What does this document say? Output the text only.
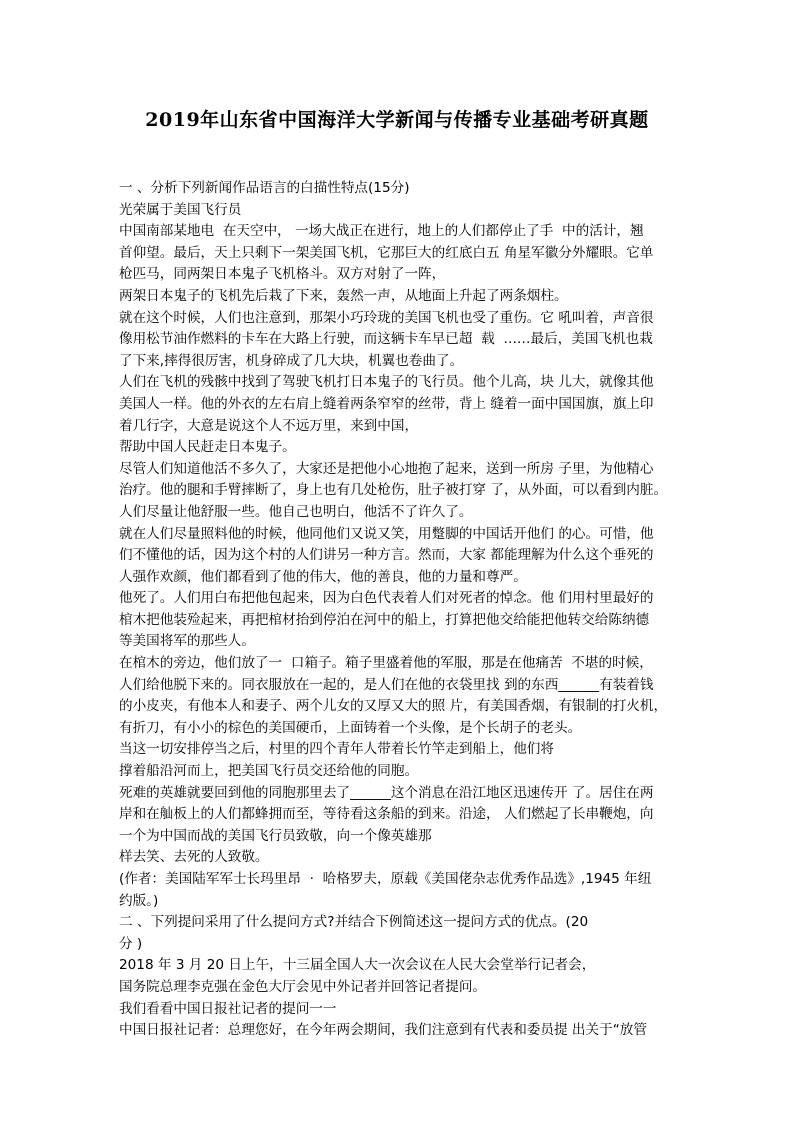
2019年山东省中国海洋大学新闻与传播专业基础考研真题
一 、分析下列新闻作品语言的白描性特点(15分)
光荣属于美国飞行员
中国南部某地电  在天空中， 一场大战正在进行，地上的人们都停止了手  中的活计，翘
首仰望。最后，天上只剩下一架美国飞机，它那巨大的红底白五 角星军徽分外耀眼。它单
枪匹马，同两架日本鬼子飞机格斗。双方对射了一阵，
两架日本鬼子的飞机先后栽了下来，轰然一声，从地面上升起了两条烟柱。
就在这个时候，人们也注意到，那架小巧玲珑的美国飞机也受了重伤。它 吼叫着，声音很
像用松节油作燃料的卡车在大路上行驶，而这辆卡车早已超  载  ……最后，美国飞机也栽
了下来,摔得很厉害，机身碎成了几大块，机翼也卷曲了。
人们在飞机的残骸中找到了驾驶飞机打日本鬼子的飞行员。他个儿高，块 儿大，就像其他
美国人一样。他的外衣的左右肩上缝着两条窄窄的丝带，背上 缝着一面中国国旗，旗上印
着几行字，大意是说这个人不远万里，来到中国，
帮助中国人民赶走日本鬼子。
尽管人们知道他活不多久了，大家还是把他小心地抱了起来，送到一所房 子里，为他精心
治疗。他的腿和手臂摔断了，身上也有几处枪伤，肚子被打穿 了，从外面，可以看到内脏。
人们尽量让他舒服一些。他自己也明白，他活不了许久了。
就在人们尽量照料他的时候，他同他们又说又笑，用蹩脚的中国话开他们 的心。可惜，他
们不懂他的话，因为这个村的人们讲另一种方言。然而，大家 都能理解为什么这个垂死的
人强作欢颜，他们都看到了他的伟大，他的善良，他的力量和尊严。
他死了。人们用白布把他包起来，因为白色代表着人们对死者的悼念。他 们用村里最好的
棺木把他装殓起来，再把棺材抬到停泊在河中的船上，打算把他交给能把他转交给陈纳德
等美国将军的那些人。
在棺木的旁边，他们放了一  口箱子。箱子里盛着他的军服，那是在他痛苦  不堪的时候，
人们给他脱下来的。同衣服放在一起的，是人们在他的衣袋里找 到的东西______有装着钱
的小皮夹，有他本人和妻子、两个儿女的又厚又大的照 片，有美国香烟，有银制的打火机，
有折刀，有小小的棕色的美国硬币，上面铸着一个头像，是个长胡子的老头。
当这一切安排停当之后，村里的四个青年人带着长竹竿走到船上，他们将
撑着船沿河而上，把美国飞行员交还给他的同胞。
死难的英雄就要回到他的同胞那里去了______这个消息在沿江地区迅速传开 了。居住在两
岸和在舢板上的人们都蜂拥而至，等待看这条船的到来。沿途， 人们燃起了长串鞭炮，向
一个为中国而战的美国飞行员致敬，向一个像英雄那
样去笑、去死的人致敬。
(作者：美国陆军军士长玛里昂  ·  哈格罗夫，原载《美国佬杂志优秀作品选》,1945 年纽
约版。)
二 、下列提问采用了什么提问方式?并结合下例简述这一提问方式的优点。(20
分 )
2018 年 3 月 20 日上午，十三届全国人大一次会议在人民大会堂举行记者会，
国务院总理李克强在金色大厅会见中外记者并回答记者提问。
我们看看中国日报社记者的提问一一
中国日报社记者：总理您好，在今年两会期间，我们注意到有代表和委员提 出关于“放管
